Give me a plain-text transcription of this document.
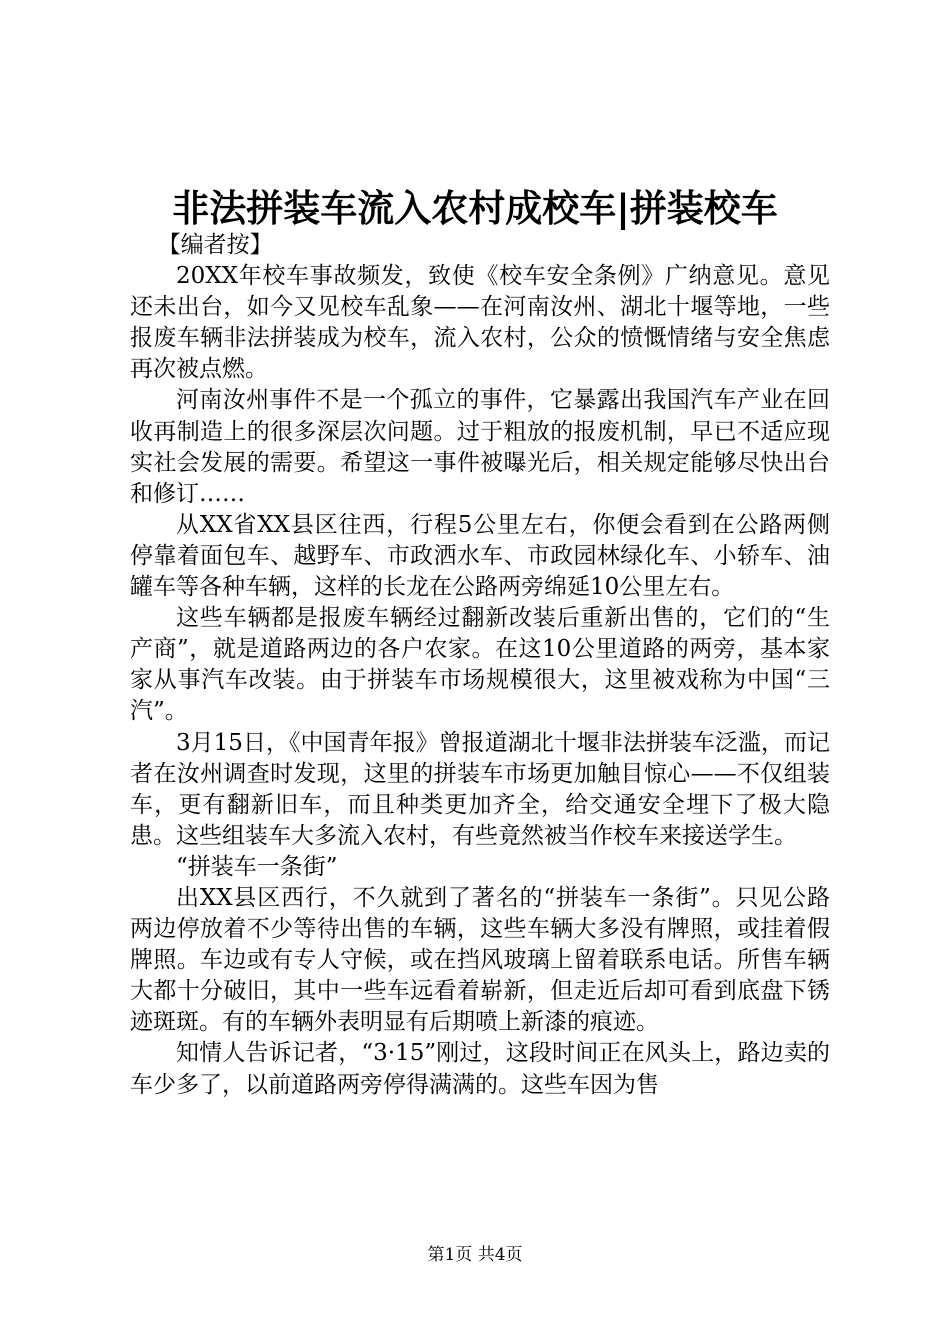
非法拼装车流入农村成校车|拼装校车

【编者按】

20XX年校车事故频发，致使《校车安全条例》广纳意见。意见还未出台，如今又见校车乱象——在河南汝州、湖北十堰等地，一些报废车辆非法拼装成为校车，流入农村，公众的愤慨情绪与安全焦虑再次被点燃。

河南汝州事件不是一个孤立的事件，它暴露出我国汽车产业在回收再制造上的很多深层次问题。过于粗放的报废机制，早已不适应现实社会发展的需要。希望这一事件被曝光后，相关规定能够尽快出台和修订……

从XX省XX县区往西，行程5公里左右，你便会看到在公路两侧停靠着面包车、越野车、市政洒水车、市政园林绿化车、小轿车、油罐车等各种车辆，这样的长龙在公路两旁绵延10公里左右。

这些车辆都是报废车辆经过翻新改装后重新出售的，它们的“生产商”，就是道路两边的各户农家。在这10公里道路的两旁，基本家家从事汽车改装。由于拼装车市场规模很大，这里被戏称为中国“三汽”。

3月15日，《中国青年报》曾报道湖北十堰非法拼装车泛滥，而记者在汝州调查时发现，这里的拼装车市场更加触目惊心——不仅组装车，更有翻新旧车，而且种类更加齐全，给交通安全埋下了极大隐患。这些组装车大多流入农村，有些竟然被当作校车来接送学生。

“拼装车一条街”

出XX县区西行，不久就到了著名的“拼装车一条街”。只见公路两边停放着不少等待出售的车辆，这些车辆大多没有牌照，或挂着假牌照。车边或有专人守候，或在挡风玻璃上留着联系电话。所售车辆大都十分破旧，其中一些车远看着崭新，但走近后却可看到底盘下锈迹斑斑。有的车辆外表明显有后期喷上新漆的痕迹。

知情人告诉记者，“3·15”刚过，这段时间正在风头上，路边卖的车少多了，以前道路两旁停得满满的。这些车因为售

第1页 共4页
